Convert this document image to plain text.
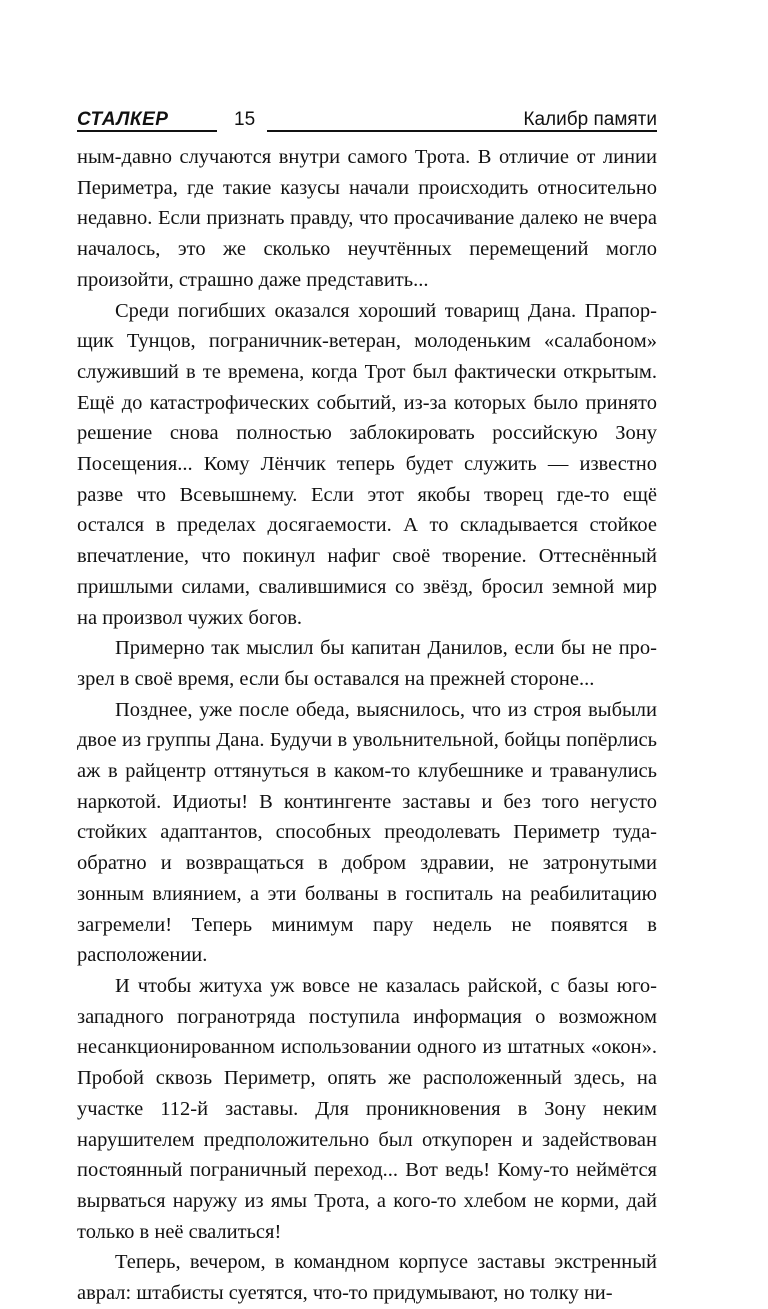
СТАЛКЕР	15	Калибр памяти

ным-давно случаются внутри самого Трота. В отличие от линии Периметра, где такие казусы начали происходить относительно недавно. Если признать правду, что просачивание далеко не вчера началось, это же сколько неучтённых перемещений могло произойти, страшно даже представить...

Среди погибших оказался хороший товарищ Дана. Прапорщик Тунцов, пограничник-ветеран, молоденьким «салабоном» служивший в те времена, когда Трот был фактически открытым. Ещё до катастрофических событий, из-за которых было принято решение снова полностью заблокировать российскую Зону Посещения... Кому Лёнчик теперь будет служить — известно разве что Всевышнему. Если этот якобы творец где-то ещё остался в пределах досягаемости. А то складывается стойкое впечатление, что покинул нафиг своё творение. Оттеснённый пришлыми силами, свалившимися со звёзд, бросил земной мир на произвол чужих богов.

Примерно так мыслил бы капитан Данилов, если бы не прозрел в своё время, если бы оставался на прежней стороне...

Позднее, уже после обеда, выяснилось, что из строя выбыли двое из группы Дана. Будучи в увольнительной, бойцы попёрлись аж в райцентр оттянуться в каком-то клубешнике и траванулись наркотой. Идиоты! В контингенте заставы и без того негусто стойких адаптантов, способных преодолевать Периметр туда-обратно и возвращаться в добром здравии, не затронутыми зонным влиянием, а эти болваны в госпиталь на реабилитацию загремели! Теперь минимум пару недель не появятся в расположении.

И чтобы житуха уж вовсе не казалась райской, с базы юго-западного погранотряда поступила информация о возможном несанкционированном использовании одного из штатных «окон». Пробой сквозь Периметр, опять же расположенный здесь, на участке 112-й заставы. Для проникновения в Зону неким нарушителем предположительно был откупорен и задействован постоянный пограничный переход... Вот ведь! Кому-то неймётся вырваться наружу из ямы Трота, а кого-то хлебом не корми, дай только в неё свалиться!

Теперь, вечером, в командном корпусе заставы экстренный аврал: штабисты суетятся, что-то придумывают, но толку ни-
